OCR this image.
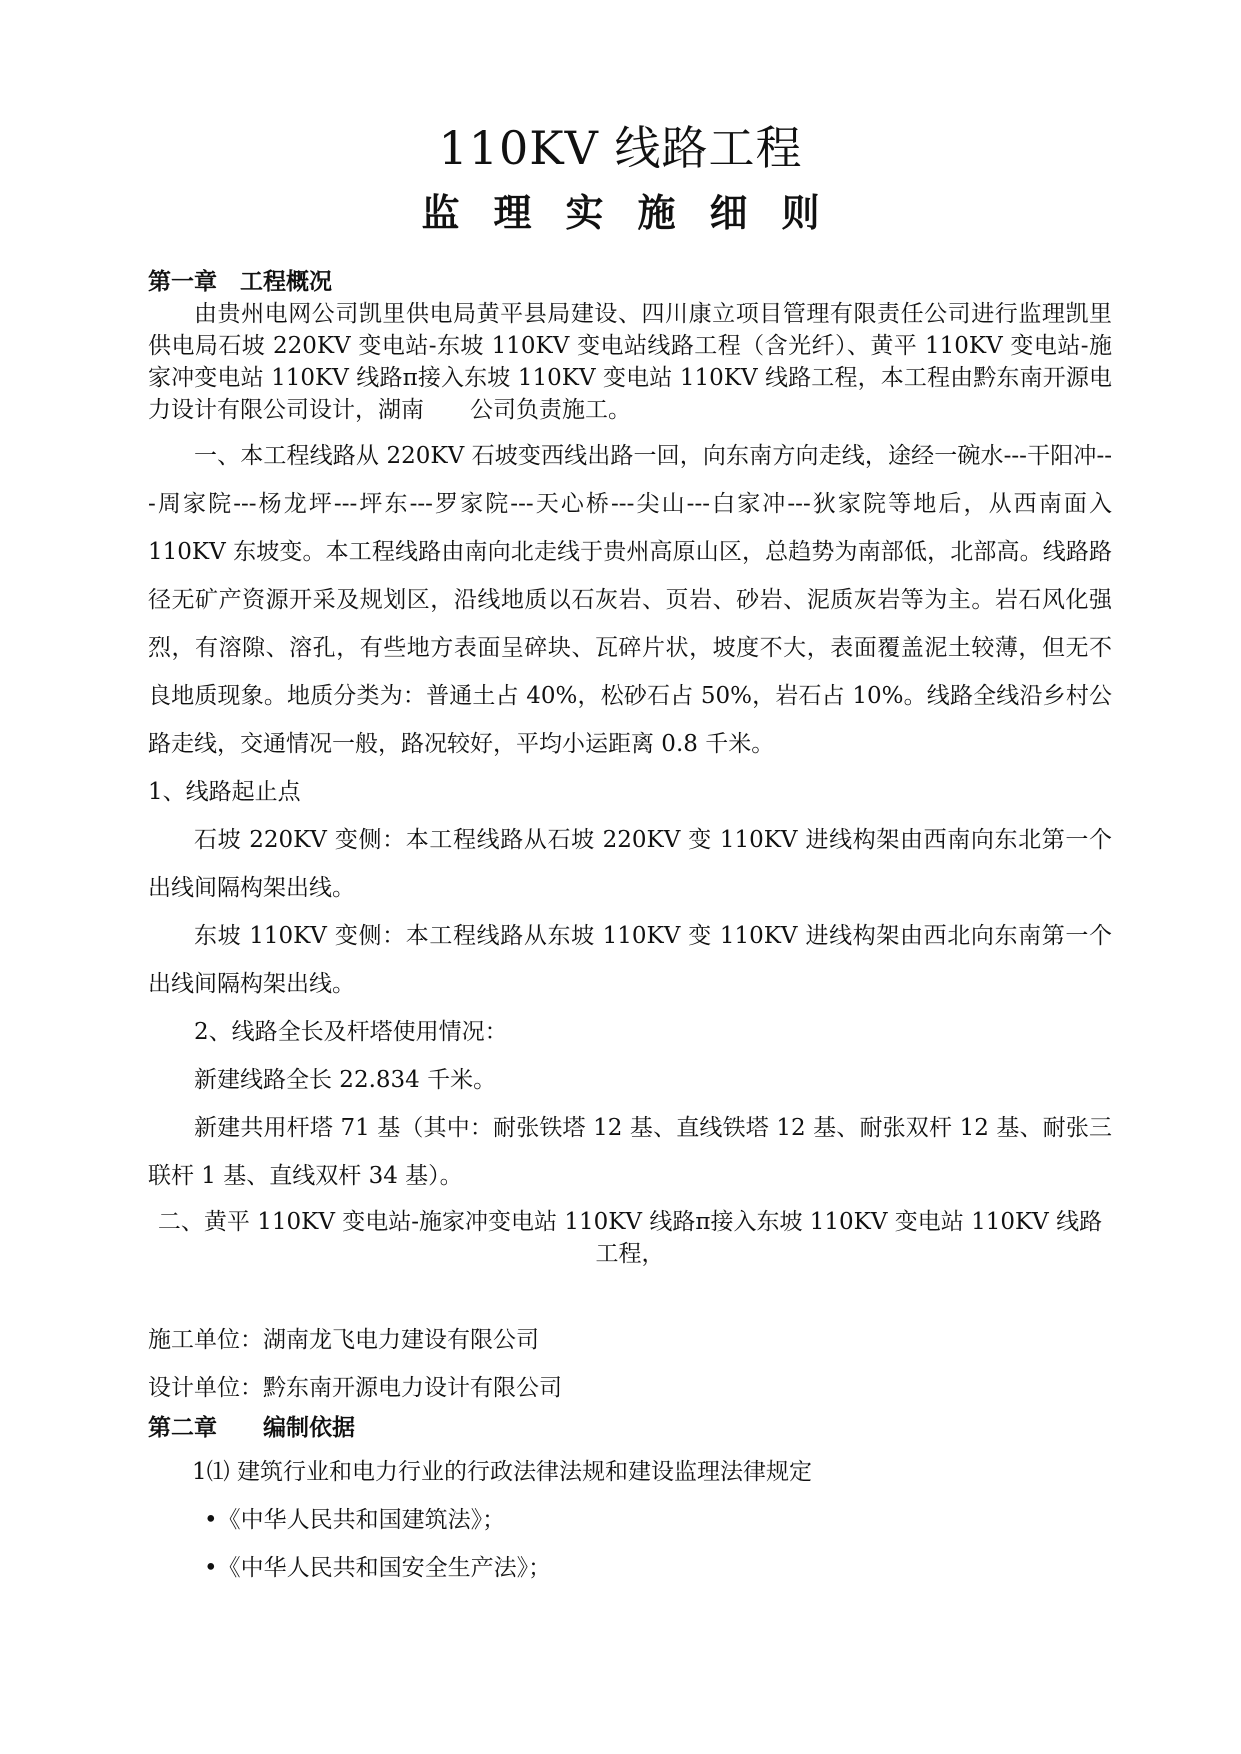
110KV 线路工程
监理实施细则
第一章　工程概况

由贵州电网公司凯里供电局黄平县局建设、四川康立项目管理有限责任公司进行监理凯里供电局石坡 220KV 变电站-东坡 110KV 变电站线路工程（含光纤）、黄平 110KV 变电站-施家冲变电站 110KV 线路π接入东坡 110KV 变电站 110KV 线路工程，本工程由黔东南开源电力设计有限公司设计，湖南　　公司负责施工。

一、本工程线路从 220KV 石坡变西线出路一回，向东南方向走线，途经一碗水---干阳冲---周家院---杨龙坪---坪东---罗家院---天心桥---尖山---白家冲---狄家院等地后，从西南面入 110KV 东坡变。本工程线路由南向北走线于贵州高原山区，总趋势为南部低，北部高。线路路径无矿产资源开采及规划区，沿线地质以石灰岩、页岩、砂岩、泥质灰岩等为主。岩石风化强烈，有溶隙、溶孔，有些地方表面呈碎块、瓦碎片状，坡度不大，表面覆盖泥土较薄，但无不良地质现象。地质分类为：普通土占 40%，松砂石占 50%，岩石占 10%。线路全线沿乡村公路走线，交通情况一般，路况较好，平均小运距离 0.8 千米。

1、线路起止点

石坡 220KV 变侧：本工程线路从石坡 220KV 变 110KV 进线构架由西南向东北第一个出线间隔构架出线。

东坡 110KV 变侧：本工程线路从东坡 110KV 变 110KV 进线构架由西北向东南第一个出线间隔构架出线。

2、线路全长及杆塔使用情况：

新建线路全长 22.834 千米。

新建共用杆塔 71 基（其中：耐张铁塔 12 基、直线铁塔 12 基、耐张双杆 12 基、耐张三联杆 1 基、直线双杆 34 基）。

二、黄平 110KV 变电站-施家冲变电站 110KV 线路π接入东坡 110KV 变电站 110KV 线路工程，

施工单位：湖南龙飞电力建设有限公司

设计单位：黔东南开源电力设计有限公司

第二章　　编制依据

1⑴ 建筑行业和电力行业的行政法律法规和建设监理法律规定

•《中华人民共和国建筑法》；

•《中华人民共和国安全生产法》；
